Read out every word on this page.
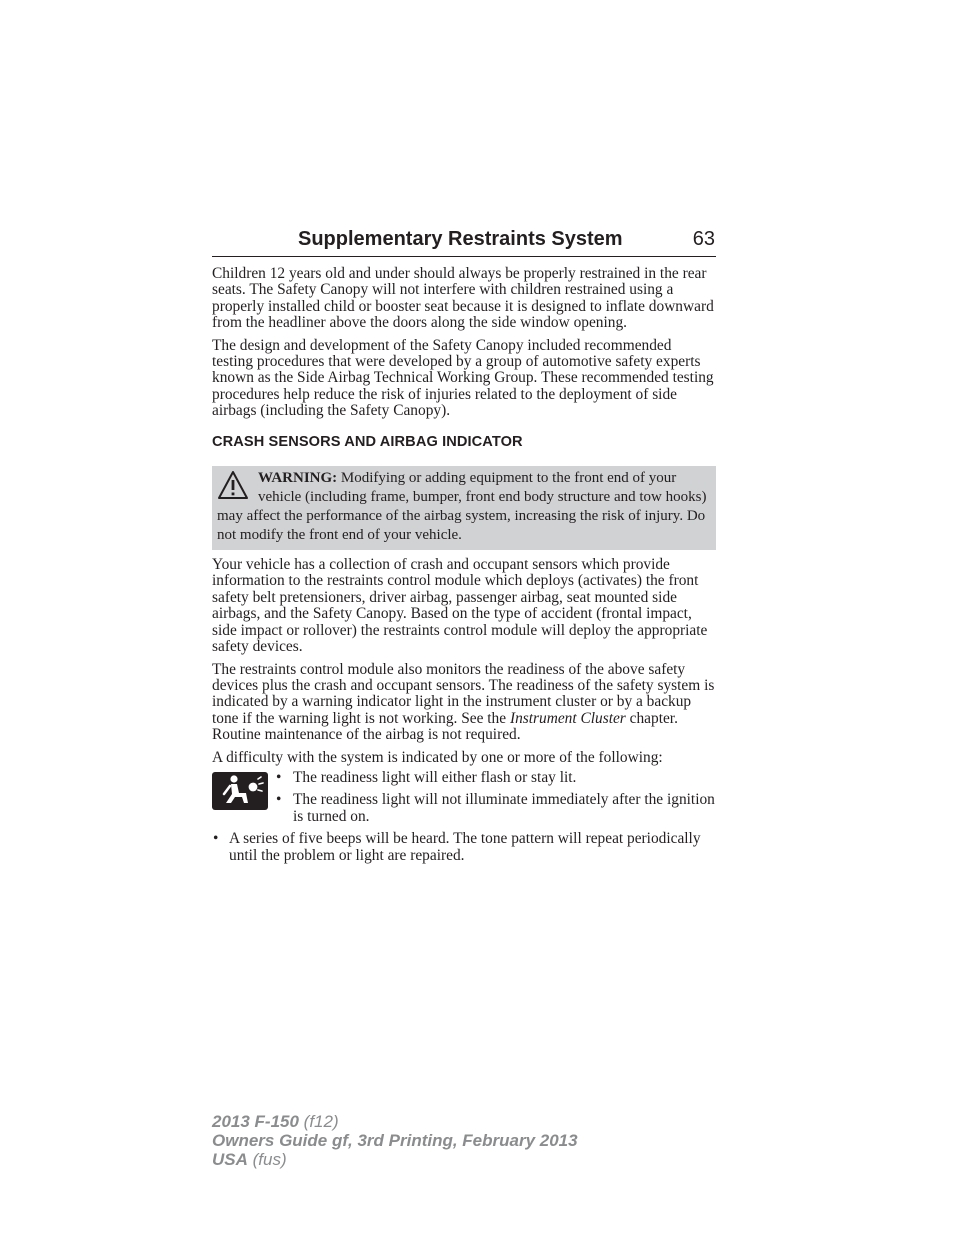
Supplementary Restraints System	63

Children 12 years old and under should always be properly restrained in the rear seats. The Safety Canopy will not interfere with children restrained using a properly installed child or booster seat because it is designed to inflate downward from the headliner above the doors along the side window opening.

The design and development of the Safety Canopy included recommended testing procedures that were developed by a group of automotive safety experts known as the Side Airbag Technical Working Group. These recommended testing procedures help reduce the risk of injuries related to the deployment of side airbags (including the Safety Canopy).

CRASH SENSORS AND AIRBAG INDICATOR
WARNING: Modifying or adding equipment to the front end of your vehicle (including frame, bumper, front end body structure and tow hooks) may affect the performance of the airbag system, increasing the risk of injury. Do not modify the front end of your vehicle.

Your vehicle has a collection of crash and occupant sensors which provide information to the restraints control module which deploys (activates) the front safety belt pretensioners, driver airbag, passenger airbag, seat mounted side airbags, and the Safety Canopy. Based on the type of accident (frontal impact, side impact or rollover) the restraints control module will deploy the appropriate safety devices.

The restraints control module also monitors the readiness of the above safety devices plus the crash and occupant sensors. The readiness of the safety system is indicated by a warning indicator light in the instrument cluster or by a backup tone if the warning light is not working. See the Instrument Cluster chapter. Routine maintenance of the airbag is not required.

A difficulty with the system is indicated by one or more of the following:

• The readiness light will either flash or stay lit.
• The readiness light will not illuminate immediately after the ignition is turned on.
• A series of five beeps will be heard. The tone pattern will repeat periodically until the problem or light are repaired.
2013 F-150 (f12)
Owners Guide gf, 3rd Printing, February 2013
USA (fus)
